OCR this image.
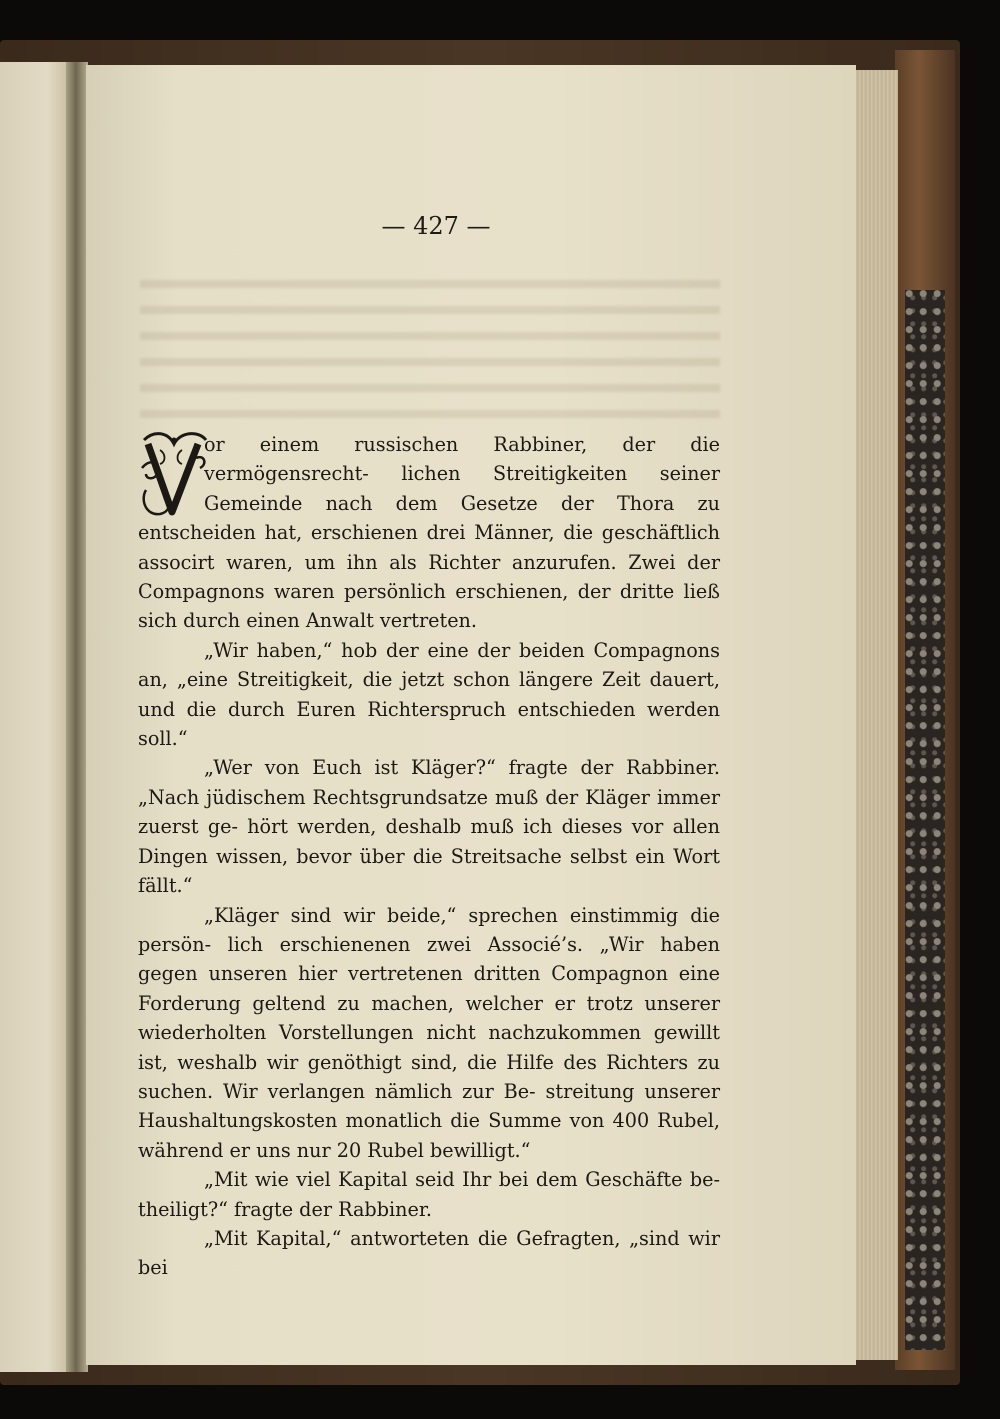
— 427 —

or einem russischen Rabbiner, der die vermögensrecht- lichen Streitigkeiten seiner Gemeinde nach dem Gesetze der Thora zu entscheiden hat, erschienen drei Männer, die geschäftlich associrt waren, um ihn als Richter anzurufen. Zwei der Compagnons waren persönlich erschienen, der dritte ließ sich durch einen Anwalt vertreten.

„Wir haben,“ hob der eine der beiden Compagnons an, „eine Streitigkeit, die jetzt schon längere Zeit dauert, und die durch Euren Richterspruch entschieden werden soll.“

„Wer von Euch ist Kläger?“ fragte der Rabbiner. „Nach jüdischem Rechtsgrundsatze muß der Kläger immer zuerst ge- hört werden, deshalb muß ich dieses vor allen Dingen wissen, bevor über die Streitsache selbst ein Wort fällt.“

„Kläger sind wir beide,“ sprechen einstimmig die persön- lich erschienenen zwei Associé’s. „Wir haben gegen unseren hier vertretenen dritten Compagnon eine Forderung geltend zu machen, welcher er trotz unserer wiederholten Vorstellungen nicht nachzukommen gewillt ist, weshalb wir genöthigt sind, die Hilfe des Richters zu suchen. Wir verlangen nämlich zur Be- streitung unserer Haushaltungskosten monatlich die Summe von 400 Rubel, während er uns nur 20 Rubel bewilligt.“

„Mit wie viel Kapital seid Ihr bei dem Geschäfte be- theiligt?“ fragte der Rabbiner.

„Mit Kapital,“ antworteten die Gefragten, „sind wir bei
